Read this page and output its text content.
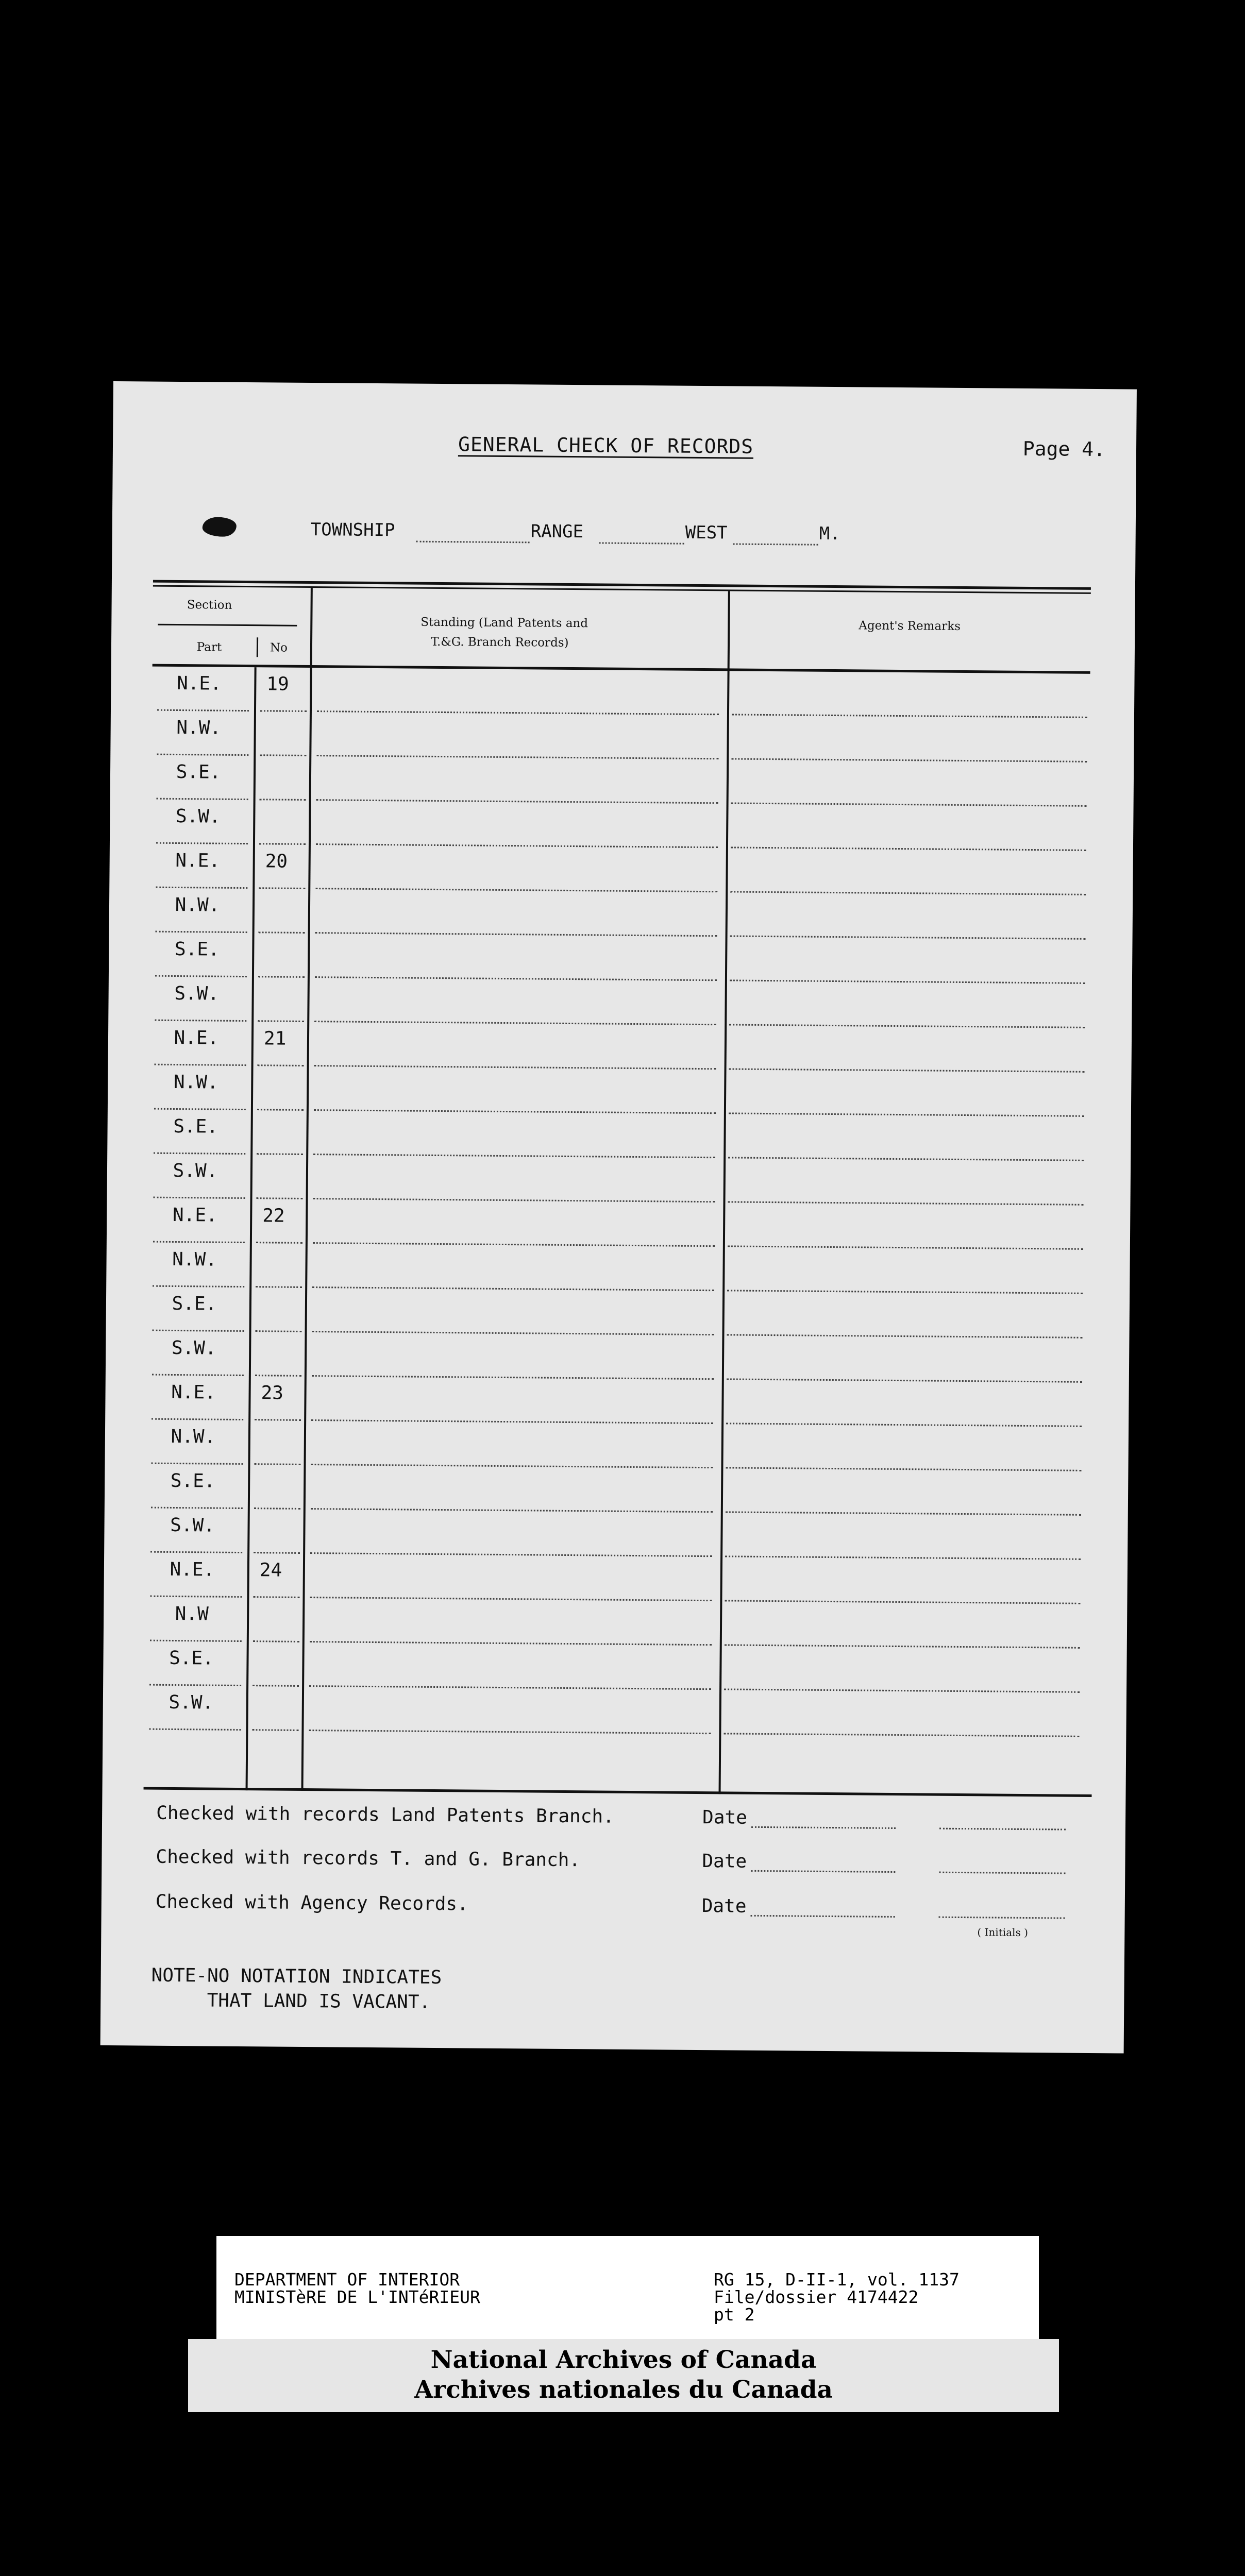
GENERAL CHECK OF RECORDS	Page 4.
TOWNSHIP	RANGE	WEST	M.
Section
Part	No
Standing (Land Patents and
T.&G. Branch Records)
Agent's Remarks
N.E.	19
N.W.
S.E.
S.W.
N.E.	20
N.W.
S.E.
S.W.
N.E.	21
N.W.
S.E.
S.W.
N.E.	22
N.W.
S.E.
S.W.
N.E.	23
N.W.
S.E.
S.W.
N.E.	24
N.W
S.E.
S.W.
Checked with records Land Patents Branch.	Date
Checked with records T. and G. Branch.	Date
Checked with Agency Records.	Date
( Initials )
NOTE-NO NOTATION INDICATES
THAT LAND IS VACANT.
DEPARTMENT OF INTERIOR
MINISTèRE DE L'INTéRIEUR
RG 15, D-II-1, vol. 1137
File/dossier 4174422
pt 2
National Archives of Canada
Archives nationales du Canada
